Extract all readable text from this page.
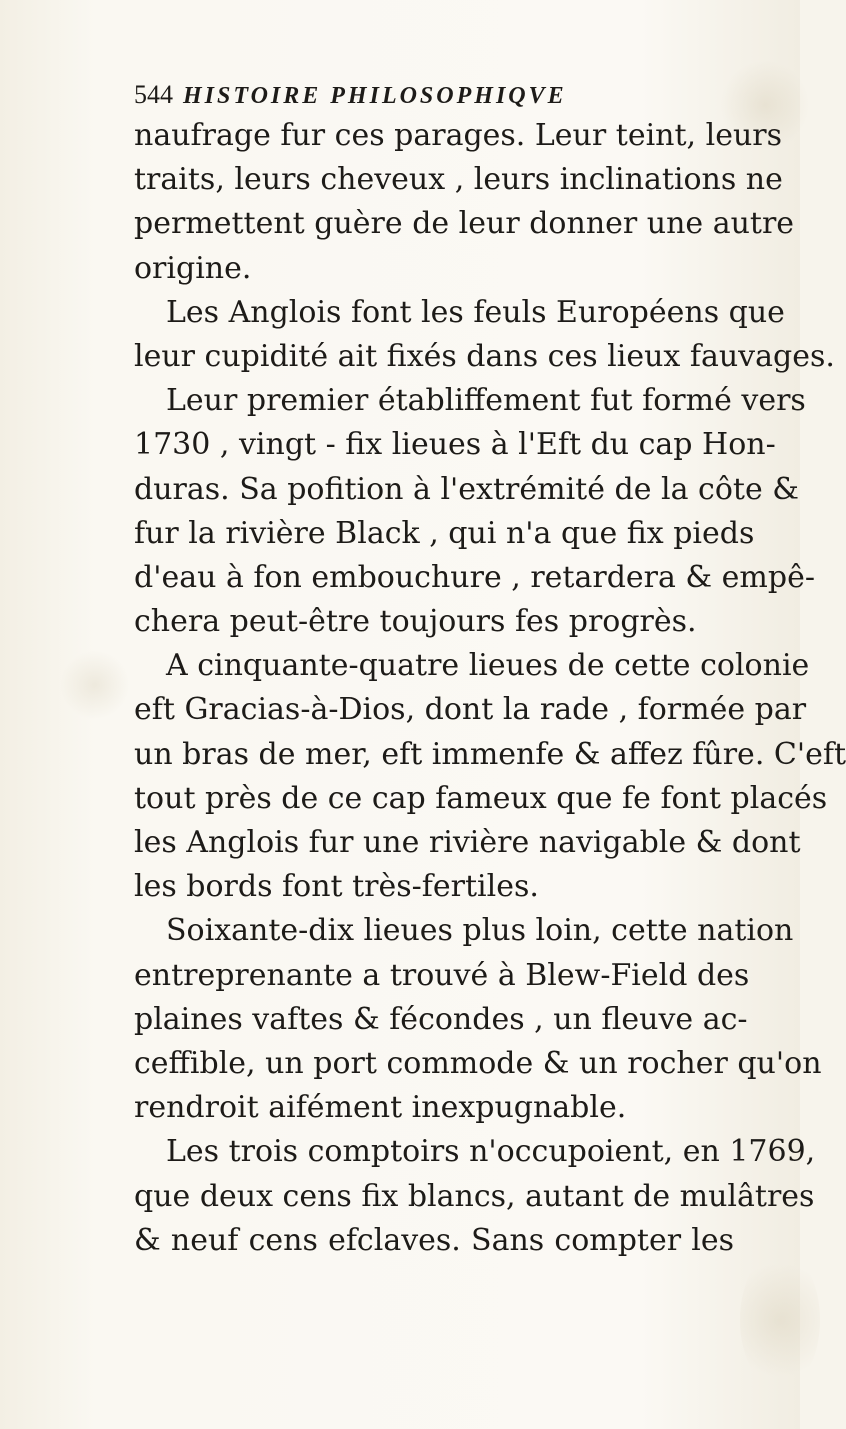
544 HISTOIRE PHILOSOPHIQVE
naufrage fur ces parages. Leur teint, leurs
traits, leurs cheveux , leurs inclinations ne
permettent guère de leur donner une autre
origine.
Les Anglois font les feuls Européens que
leur cupidité ait fixés dans ces lieux fauvages.
Leur premier établiffement fut formé vers
1730 , vingt - fix lieues à l'Eft du cap Hon-
duras. Sa pofition à l'extrémité de la côte &
fur la rivière Black , qui n'a que fix pieds
d'eau à fon embouchure , retardera & empê-
chera peut-être toujours fes progrès.
A cinquante-quatre lieues de cette colonie
eft Gracias-à-Dios, dont la rade , formée par
un bras de mer, eft immenfe & affez fûre. C'eft
tout près de ce cap fameux que fe font placés
les Anglois fur une rivière navigable & dont
les bords font très-fertiles.
Soixante-dix lieues plus loin, cette nation
entreprenante a trouvé à Blew-Field des
plaines vaftes & fécondes , un fleuve ac-
ceffible, un port commode & un rocher qu'on
rendroit aifément inexpugnable.
Les trois comptoirs n'occupoient, en 1769,
que deux cens fix blancs, autant de mulâtres
& neuf cens efclaves. Sans compter les
